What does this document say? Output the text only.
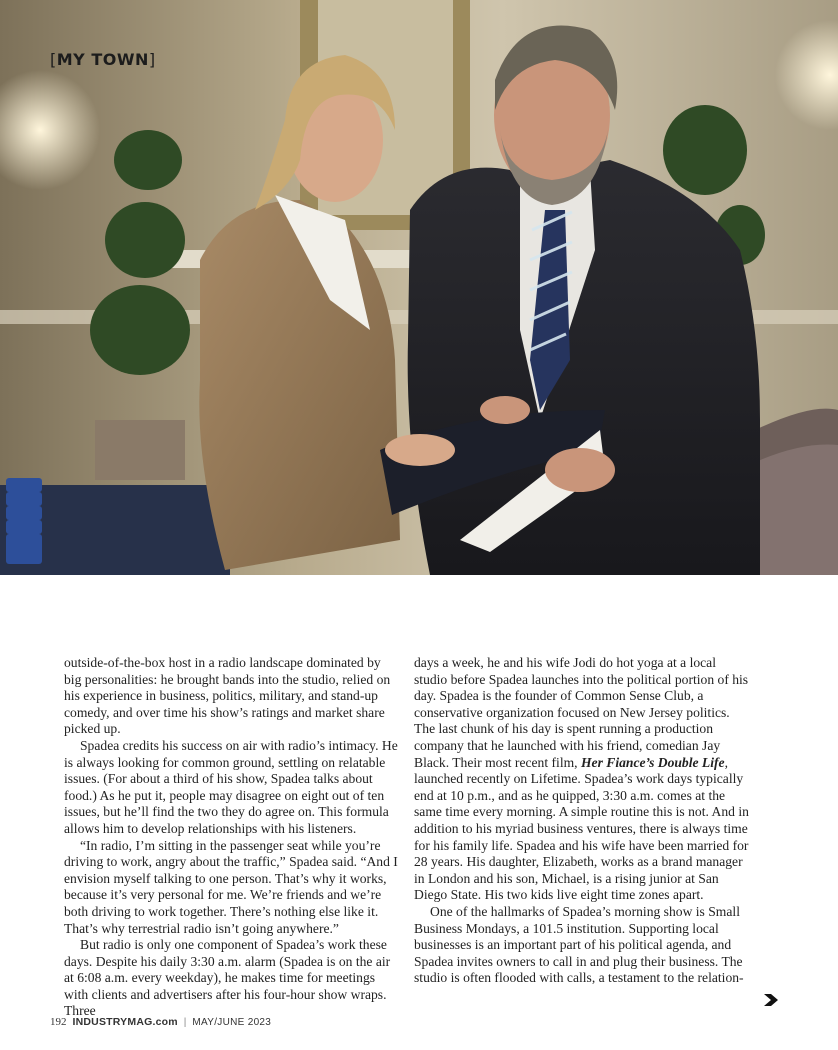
[MY TOWN]

outside-of-the-box host in a radio landscape dominated by big personalities: he brought bands into the studio, relied on his experience in business, politics, military, and stand-up comedy, and over time his show’s ratings and market share picked up.

Spadea credits his success on air with radio’s intimacy. He is always looking for common ground, settling on relatable issues. (For about a third of his show, Spadea talks about food.) As he put it, people may disagree on eight out of ten issues, but he’ll find the two they do agree on. This formula allows him to develop relationships with his listeners.

“In radio, I’m sitting in the passenger seat while you’re driving to work, angry about the traffic,” Spadea said. “And I envision myself talking to one person. That’s why it works, because it’s very personal for me. We’re friends and we’re both driving to work together. There’s nothing else like it. That’s why terrestrial radio isn’t going anywhere.”

But radio is only one component of Spadea’s work these days. Despite his daily 3:30 a.m. alarm (Spadea is on the air at 6:08 a.m. every weekday), he makes time for meetings with clients and advertisers after his four-hour show wraps. Three

days a week, he and his wife Jodi do hot yoga at a local studio before Spadea launches into the political portion of his day. Spadea is the founder of Common Sense Club, a conservative organization focused on New Jersey politics. The last chunk of his day is spent running a production company that he launched with his friend, comedian Jay Black. Their most recent film, Her Fiance’s Double Life, launched recently on Lifetime. Spadea’s work days typically end at 10 p.m., and as he quipped, 3:30 a.m. comes at the same time every morning. A simple routine this is not. And in addition to his myriad business ventures, there is always time for his family life. Spadea and his wife have been married for 28 years. His daughter, Elizabeth, works as a brand manager in London and his son, Michael, is a rising junior at San Diego State. His two kids live eight time zones apart.

One of the hallmarks of Spadea’s morning show is Small Business Mondays, a 101.5 institution. Supporting local businesses is an important part of his political agenda, and Spadea invites owners to call in and plug their business. The studio is often flooded with calls, a testament to the relation-

192 INDUSTRYMAG.com | MAY/JUNE 2023
